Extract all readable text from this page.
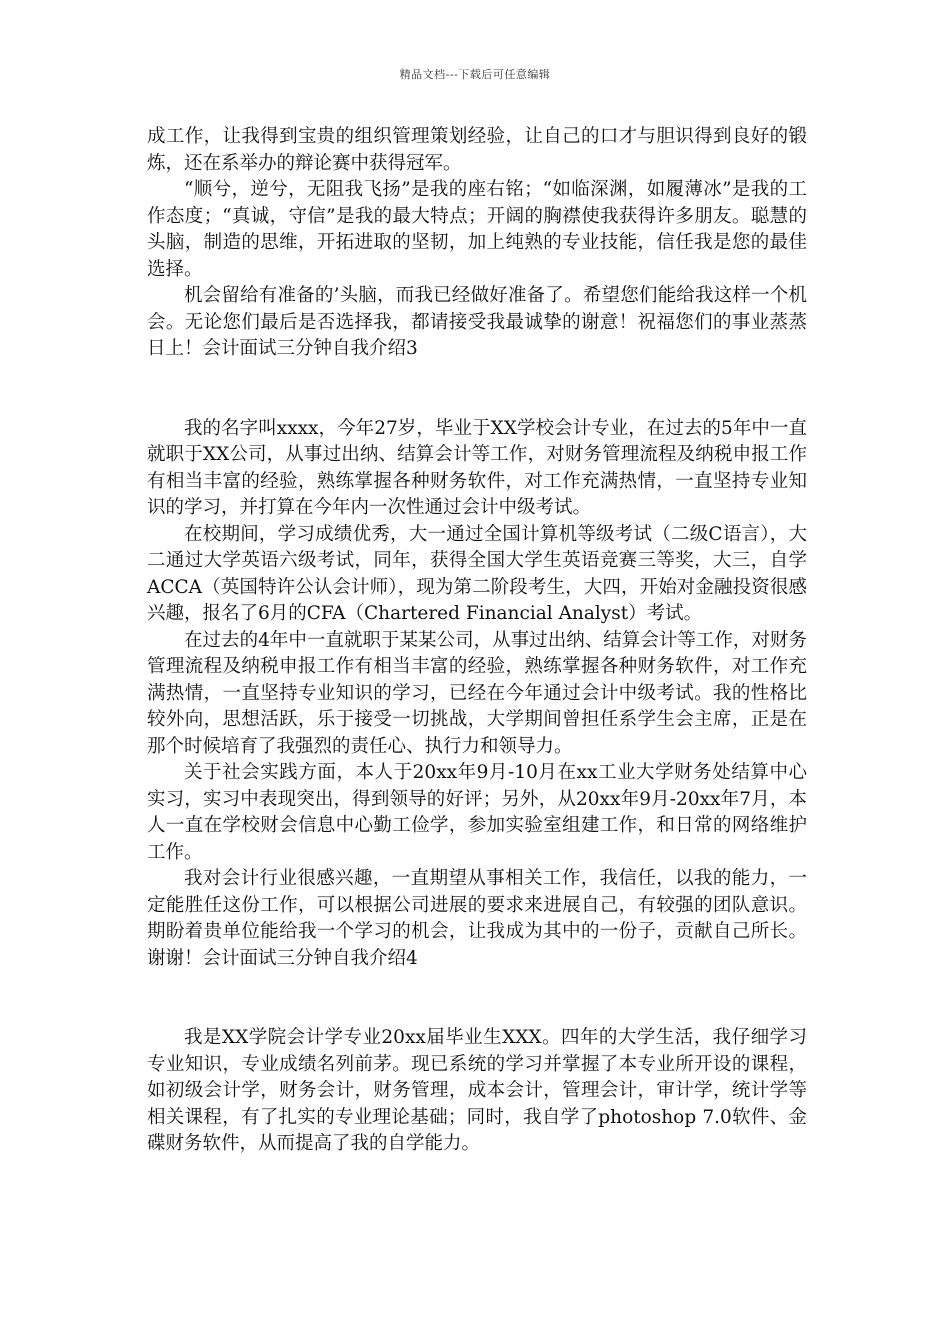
精品文档---下载后可任意编辑

成工作，让我得到宝贵的组织管理策划经验，让自己的口才与胆识得到良好的锻炼，还在系举办的辩论赛中获得冠军。

“顺兮，逆兮，无阻我飞扬”是我的座右铭；“如临深渊，如履薄冰”是我的工作态度；“真诚，守信”是我的最大特点；开阔的胸襟使我获得许多朋友。聪慧的头脑，制造的思维，开拓进取的坚韧，加上纯熟的专业技能，信任我是您的最佳选择。

机会留给有准备的’头脑，而我已经做好准备了。希望您们能给我这样一个机会。无论您们最后是否选择我，都请接受我最诚挚的谢意！祝福您们的事业蒸蒸日上！会计面试三分钟自我介绍3

我的名字叫xxxx，今年27岁，毕业于XX学校会计专业，在过去的5年中一直就职于XX公司，从事过出纳、结算会计等工作，对财务管理流程及纳税申报工作有相当丰富的经验，熟练掌握各种财务软件，对工作充满热情，一直坚持专业知识的学习，并打算在今年内一次性通过会计中级考试。

在校期间，学习成绩优秀，大一通过全国计算机等级考试（二级C语言），大二通过大学英语六级考试，同年，获得全国大学生英语竞赛三等奖，大三，自学ACCA（英国特许公认会计师），现为第二阶段考生，大四，开始对金融投资很感兴趣，报名了6月的CFA（Chartered Financial Analyst）考试。

在过去的4年中一直就职于某某公司，从事过出纳、结算会计等工作，对财务管理流程及纳税申报工作有相当丰富的经验，熟练掌握各种财务软件，对工作充满热情，一直坚持专业知识的学习，已经在今年通过会计中级考试。我的性格比较外向，思想活跃，乐于接受一切挑战，大学期间曾担任系学生会主席，正是在那个时候培育了我强烈的责任心、执行力和领导力。

关于社会实践方面，本人于20xx年9月-10月在xx工业大学财务处结算中心实习，实习中表现突出，得到领导的好评；另外，从20xx年9月-20xx年7月，本人一直在学校财会信息中心勤工俭学，参加实验室组建工作，和日常的网络维护工作。

我对会计行业很感兴趣，一直期望从事相关工作，我信任，以我的能力，一定能胜任这份工作，可以根据公司进展的要求来进展自己，有较强的团队意识。期盼着贵单位能给我一个学习的机会，让我成为其中的一份子，贡献自己所长。谢谢！会计面试三分钟自我介绍4

我是XX学院会计学专业20xx届毕业生XXX。四年的大学生活，我仔细学习专业知识，专业成绩名列前茅。现已系统的学习并掌握了本专业所开设的课程，如初级会计学，财务会计，财务管理，成本会计，管理会计，审计学，统计学等相关课程，有了扎实的专业理论基础；同时，我自学了photoshop 7.0软件、金碟财务软件，从而提高了我的自学能力。
